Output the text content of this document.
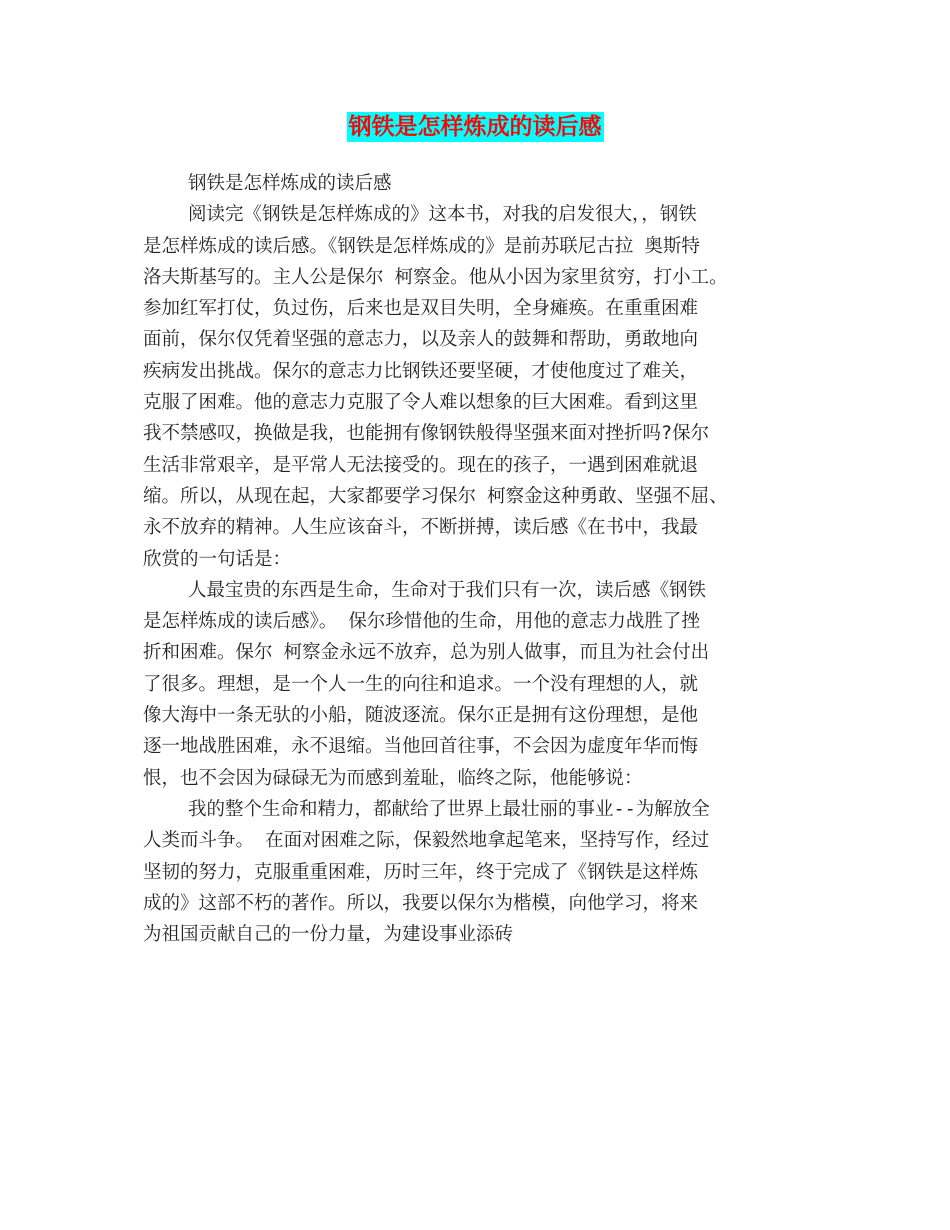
钢铁是怎样炼成的读后感
钢铁是怎样炼成的读后感
阅读完《钢铁是怎样炼成的》这本书，对我的启发很大，，钢铁
是怎样炼成的读后感。《钢铁是怎样炼成的》是前苏联尼古拉 奥斯特
洛夫斯基写的。主人公是保尔 柯察金。他从小因为家里贫穷，打小工。
参加红军打仗，负过伤，后来也是双目失明，全身瘫痪。在重重困难
面前，保尔仅凭着坚强的意志力，以及亲人的鼓舞和帮助，勇敢地向
疾病发出挑战。保尔的意志力比钢铁还要坚硬，才使他度过了难关，
克服了困难。他的意志力克服了令人难以想象的巨大困难。看到这里
我不禁感叹，换做是我，也能拥有像钢铁般得坚强来面对挫折吗?保尔
生活非常艰辛，是平常人无法接受的。现在的孩子，一遇到困难就退
缩。所以，从现在起，大家都要学习保尔 柯察金这种勇敢、坚强不屈、
永不放弃的精神。人生应该奋斗，不断拼搏，读后感《在书中，我最
欣赏的一句话是：
人最宝贵的东西是生命，生命对于我们只有一次，读后感《钢铁
是怎样炼成的读后感》。 保尔珍惜他的生命，用他的意志力战胜了挫
折和困难。保尔 柯察金永远不放弃，总为别人做事，而且为社会付出
了很多。理想，是一个人一生的向往和追求。一个没有理想的人，就
像大海中一条无驮的小船，随波逐流。保尔正是拥有这份理想，是他
逐一地战胜困难，永不退缩。当他回首往事，不会因为虚度年华而悔
恨，也不会因为碌碌无为而感到羞耻，临终之际，他能够说：
我的整个生命和精力，都献给了世界上最壮丽的事业--为解放全
人类而斗争。 在面对困难之际，保毅然地拿起笔来，坚持写作，经过
坚韧的努力，克服重重困难，历时三年，终于完成了《钢铁是这样炼
成的》这部不朽的著作。所以，我要以保尔为楷模，向他学习，将来
为祖国贡献自己的一份力量，为建设事业添砖
